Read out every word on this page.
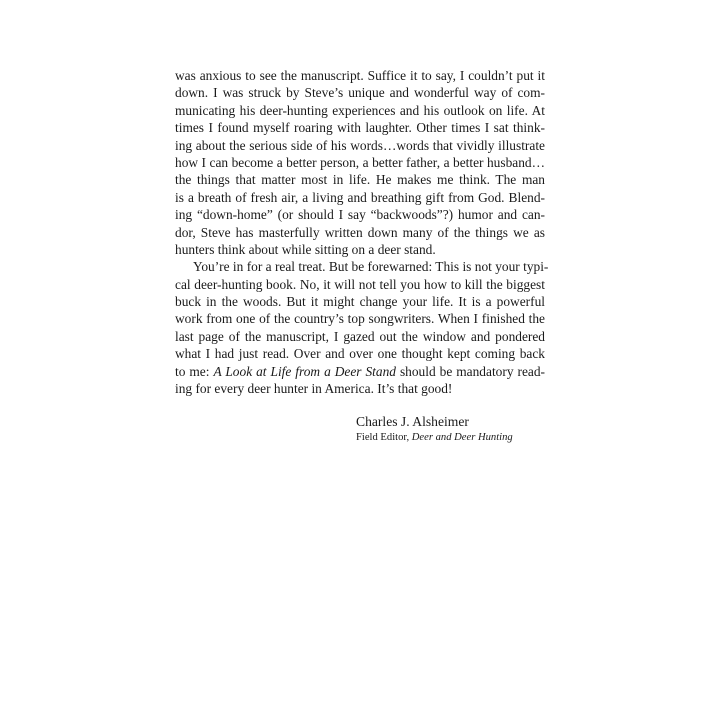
was anxious to see the manuscript. Suffice it to say, I couldn’t put it
down. I was struck by Steve’s unique and wonderful way of com-
municating his deer-hunting experiences and his outlook on life. At
times I found myself roaring with laughter. Other times I sat think-
ing about the serious side of his words…words that vividly illustrate
how I can become a better person, a better father, a better husband…
the things that matter most in life. He makes me think. The man
is a breath of fresh air, a living and breathing gift from God. Blend-
ing “down-home” (or should I say “backwoods”?) humor and can-
dor, Steve has masterfully written down many of the things we as
hunters think about while sitting on a deer stand.
You’re in for a real treat. But be forewarned: This is not your typi-
cal deer-hunting book. No, it will not tell you how to kill the biggest
buck in the woods. But it might change your life. It is a powerful
work from one of the country’s top songwriters. When I finished the
last page of the manuscript, I gazed out the window and pondered
what I had just read. Over and over one thought kept coming back
to me: A Look at Life from a Deer Stand should be mandatory read-
ing for every deer hunter in America. It’s that good!
Charles J. Alsheimer
Field Editor, Deer and Deer Hunting
